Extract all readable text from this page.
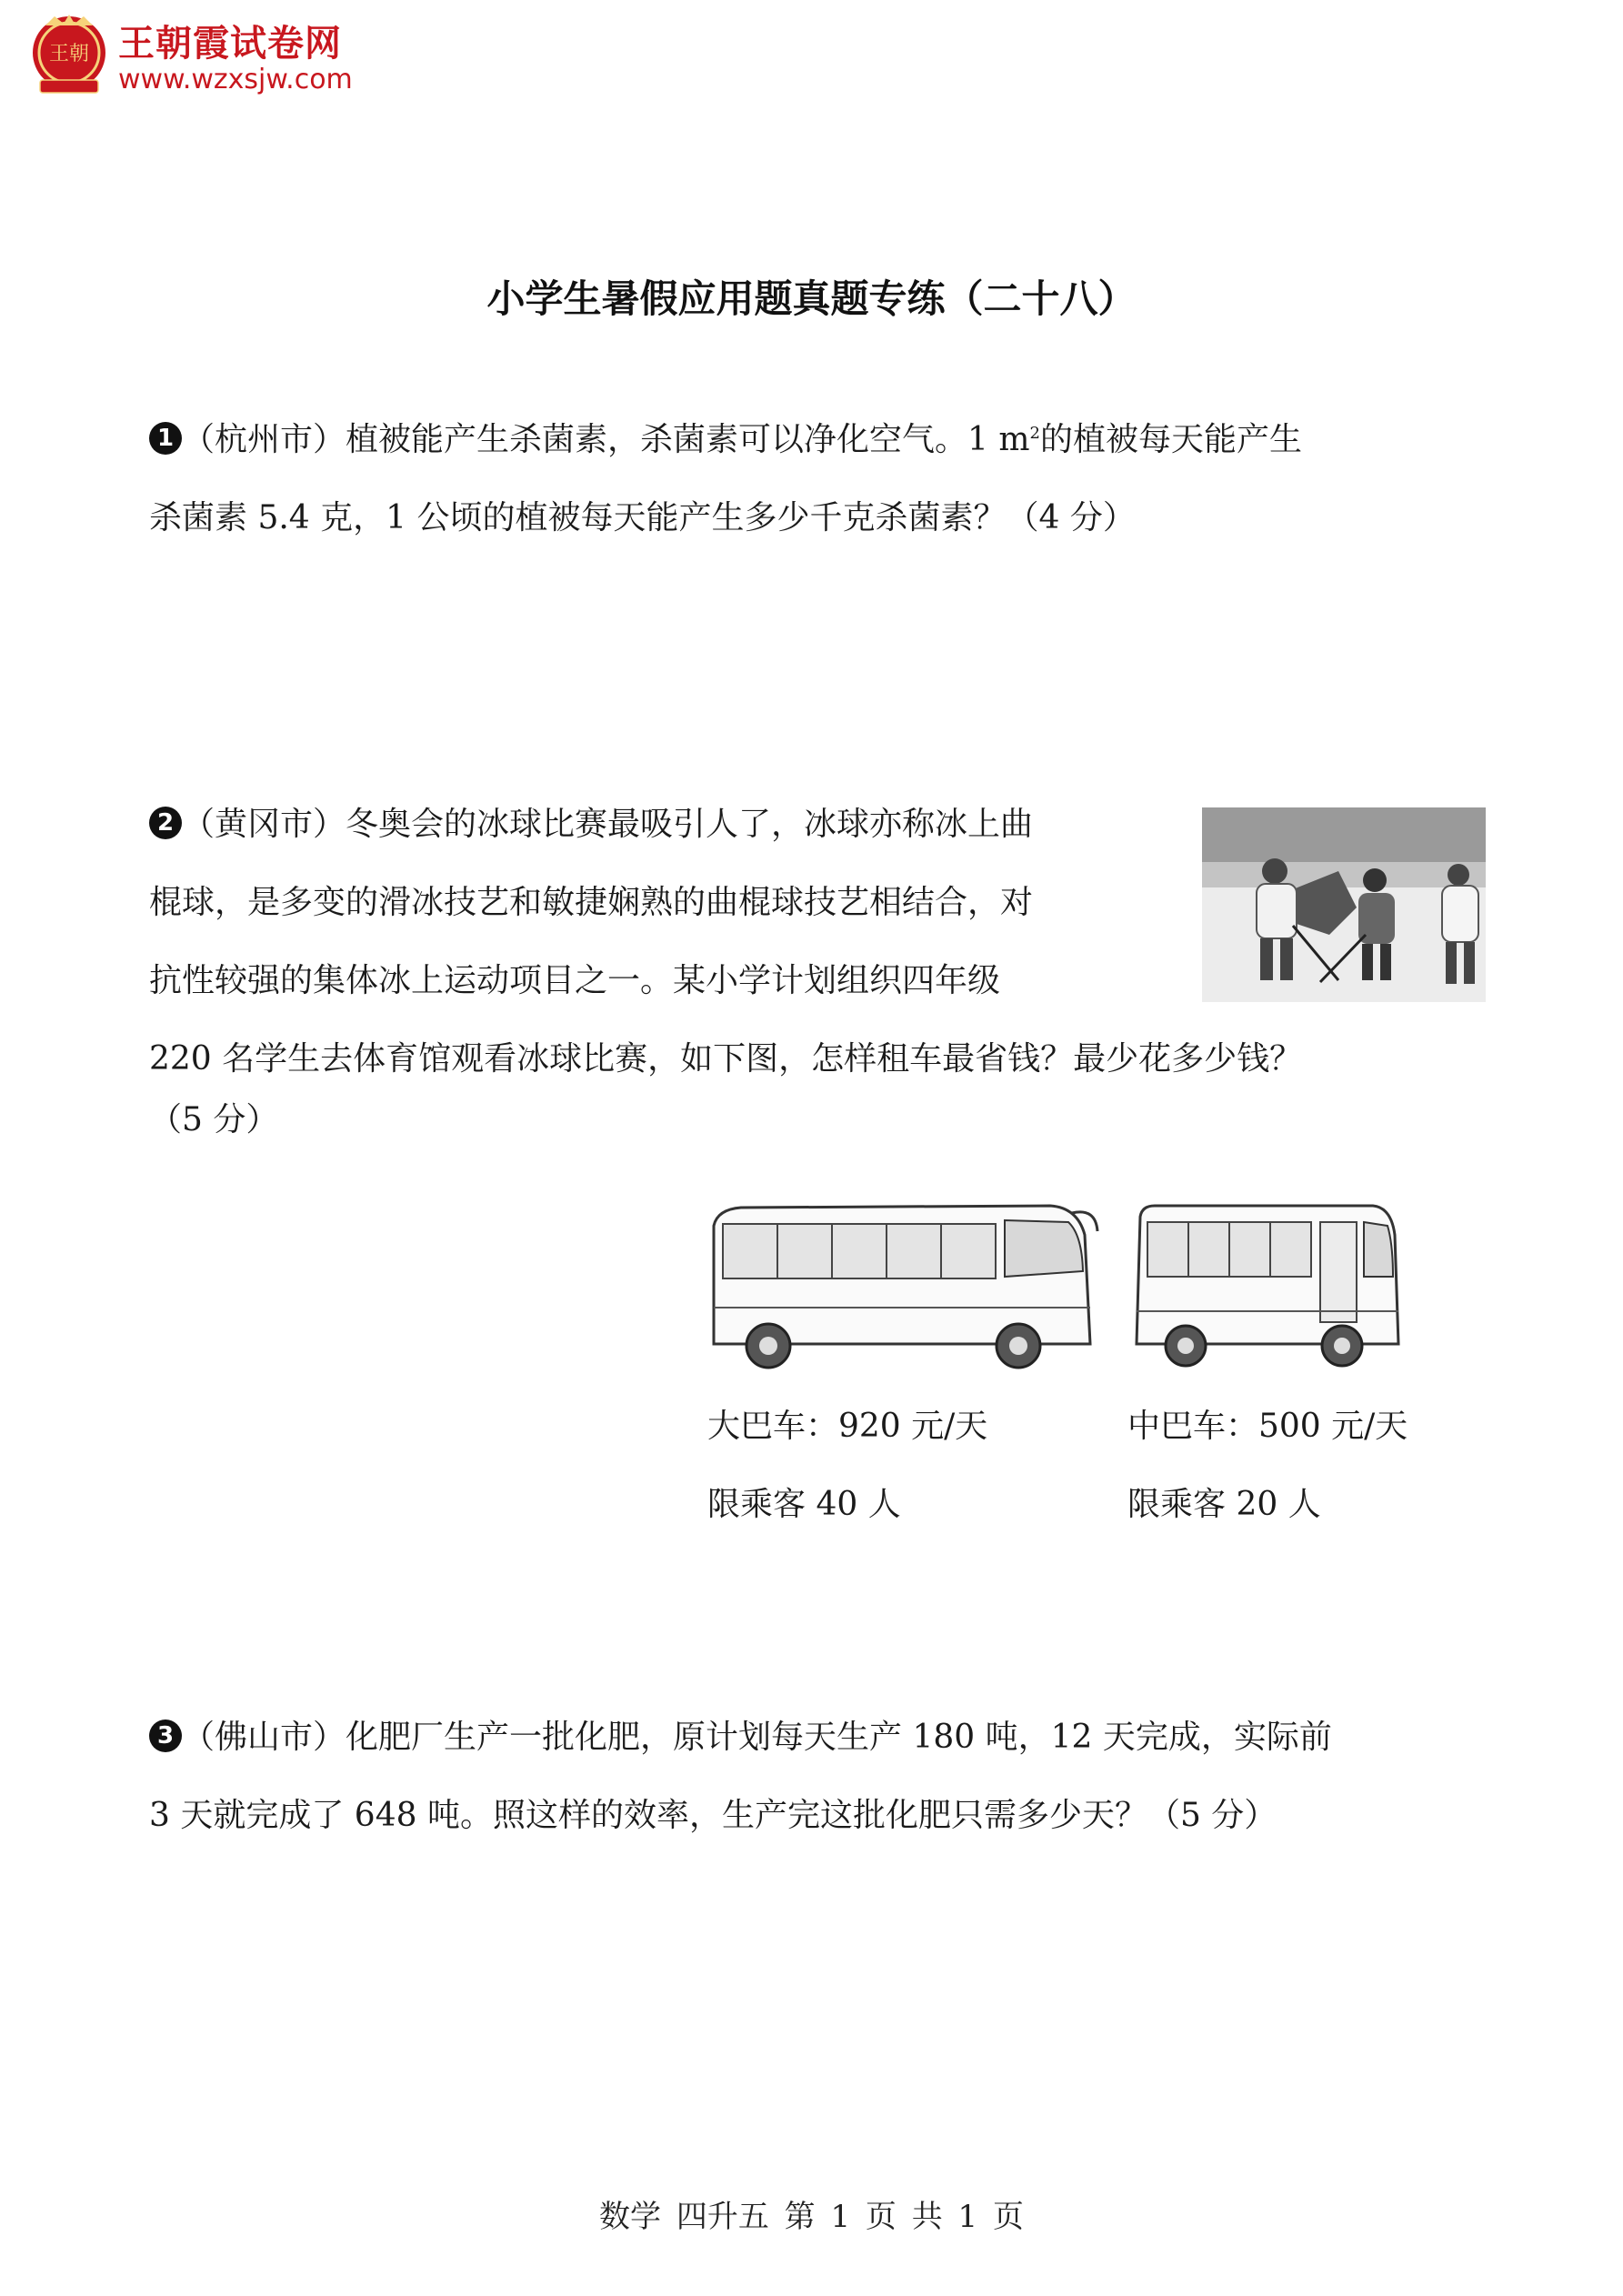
王朝 王朝霞试卷网
www.wzxsjw.com
小学生暑假应用题真题专练（二十八）
1 （杭州市）植被能产生杀菌素，杀菌素可以净化空气。1 $m^2$的植被每天能产生
杀菌素 5.4 克，1 公顷的植被每天能产生多少千克杀菌素？（4 分）
2 （黄冈市）冬奥会的冰球比赛最吸引人了，冰球亦称冰上曲
棍球，是多变的滑冰技艺和敏捷娴熟的曲棍球技艺相结合，对
抗性较强的集体冰上运动项目之一。某小学计划组织四年级
220 名学生去体育馆观看冰球比赛，如下图，怎样租车最省钱？最少花多少钱？
（5 分）
大巴车：920 元/天
限乘客 40 人
中巴车：500 元/天
限乘客 20 人
3 （佛山市）化肥厂生产一批化肥，原计划每天生产 180 吨，12 天完成，实际前
3 天就完成了 648 吨。照这样的效率，生产完这批化肥只需多少天？（5 分）
数学 四升五 第 1 页 共 1 页
